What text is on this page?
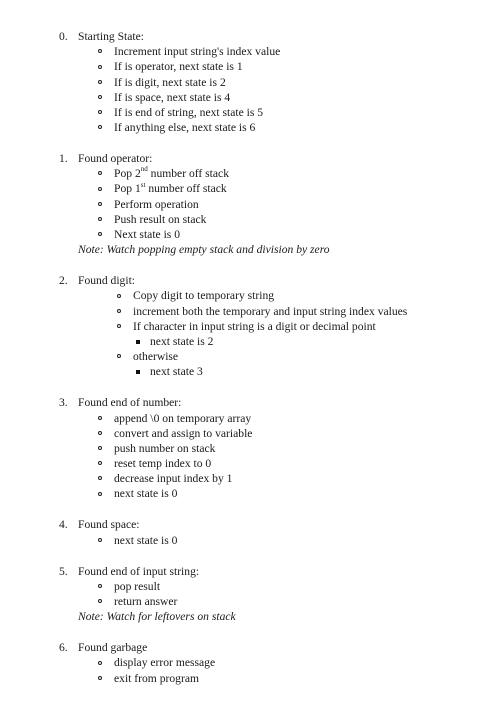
0. Starting State:
Increment input string's index value
If is operator, next state is 1
If is digit, next state is 2
If is space, next state is 4
If is end of string, next state is 5
If anything else, next state is 6
1. Found operator:
Pop 2nd number off stack
Pop 1st number off stack
Perform operation
Push result on stack
Next state is 0
Note: Watch popping empty stack and division by zero
2. Found digit:
Copy digit to temporary string
increment both the temporary and input string index values
If character in input string is a digit or decimal point
next state is 2
otherwise
next state 3
3. Found end of number:
append \0 on temporary array
convert and assign to variable
push number on stack
reset temp index to 0
decrease input index by 1
next state is 0
4. Found space:
next state is 0
5. Found end of input string:
pop result
return answer
Note: Watch for leftovers on stack
6. Found garbage
display error message
exit from program
